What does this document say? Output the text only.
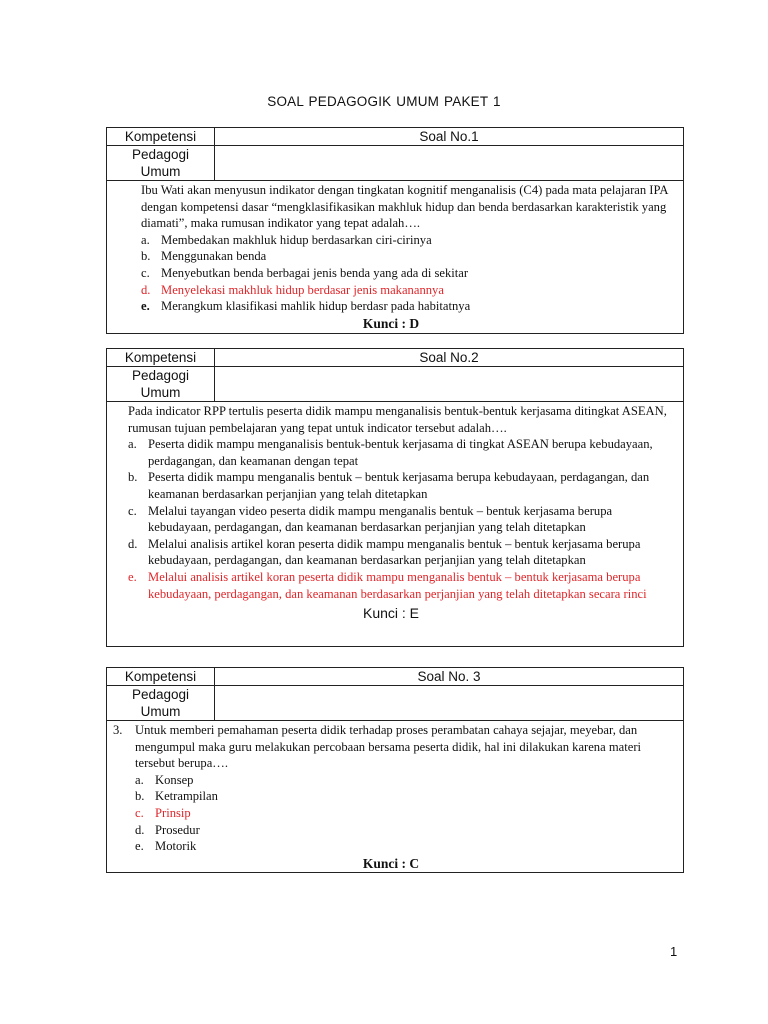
SOAL PEDAGOGIK UMUM PAKET 1
Kompetensi	Soal No.1
Pedagogi Umum

Ibu Wati akan menyusun indikator dengan tingkatan kognitif menganalisis (C4) pada mata pelajaran IPA dengan kompetensi dasar “mengklasifikasikan makhluk hidup dan benda berdasarkan karakteristik yang diamati”, maka rumusan indikator yang tepat adalah….

a. Membedakan makhluk hidup berdasarkan ciri-cirinya
b. Menggunakan benda
c. Menyebutkan benda berbagai jenis benda yang ada di sekitar
d. Menyelekasi makhluk hidup berdasar jenis makanannya
e. Merangkum klasifikasi mahlik hidup berdasr pada habitatnya
Kunci : D
Kompetensi	Soal No.2
Pedagogi Umum

Pada indicator RPP tertulis peserta didik mampu menganalisis bentuk-bentuk kerjasama ditingkat ASEAN, rumusan tujuan pembelajaran yang tepat untuk indicator tersebut adalah….

a. Peserta didik mampu menganalisis bentuk-bentuk kerjasama di tingkat ASEAN berupa kebudayaan, perdagangan, dan keamanan dengan tepat
b. Peserta didik mampu menganalis bentuk – bentuk kerjasama berupa kebudayaan, perdagangan, dan keamanan berdasarkan perjanjian yang telah ditetapkan
c. Melalui tayangan video peserta didik mampu menganalis bentuk – bentuk kerjasama berupa kebudayaan, perdagangan, dan keamanan berdasarkan perjanjian yang telah ditetapkan
d. Melalui analisis artikel koran peserta didik mampu menganalis bentuk – bentuk kerjasama berupa kebudayaan, perdagangan, dan keamanan berdasarkan perjanjian yang telah ditetapkan
e. Melalui analisis artikel koran peserta didik mampu menganalis bentuk – bentuk kerjasama berupa kebudayaan, perdagangan, dan keamanan berdasarkan perjanjian yang telah ditetapkan secara rinci
Kunci : E
Kompetensi	Soal No. 3
Pedagogi Umum
3. Untuk memberi pemahaman peserta didik terhadap proses perambatan cahaya sejajar, meyebar, dan mengumpul maka guru melakukan percobaan bersama peserta didik, hal ini dilakukan karena materi tersebut berupa….

a. Konsep
b. Ketrampilan
c. Prinsip
d. Prosedur
e. Motorik
Kunci : C
1
